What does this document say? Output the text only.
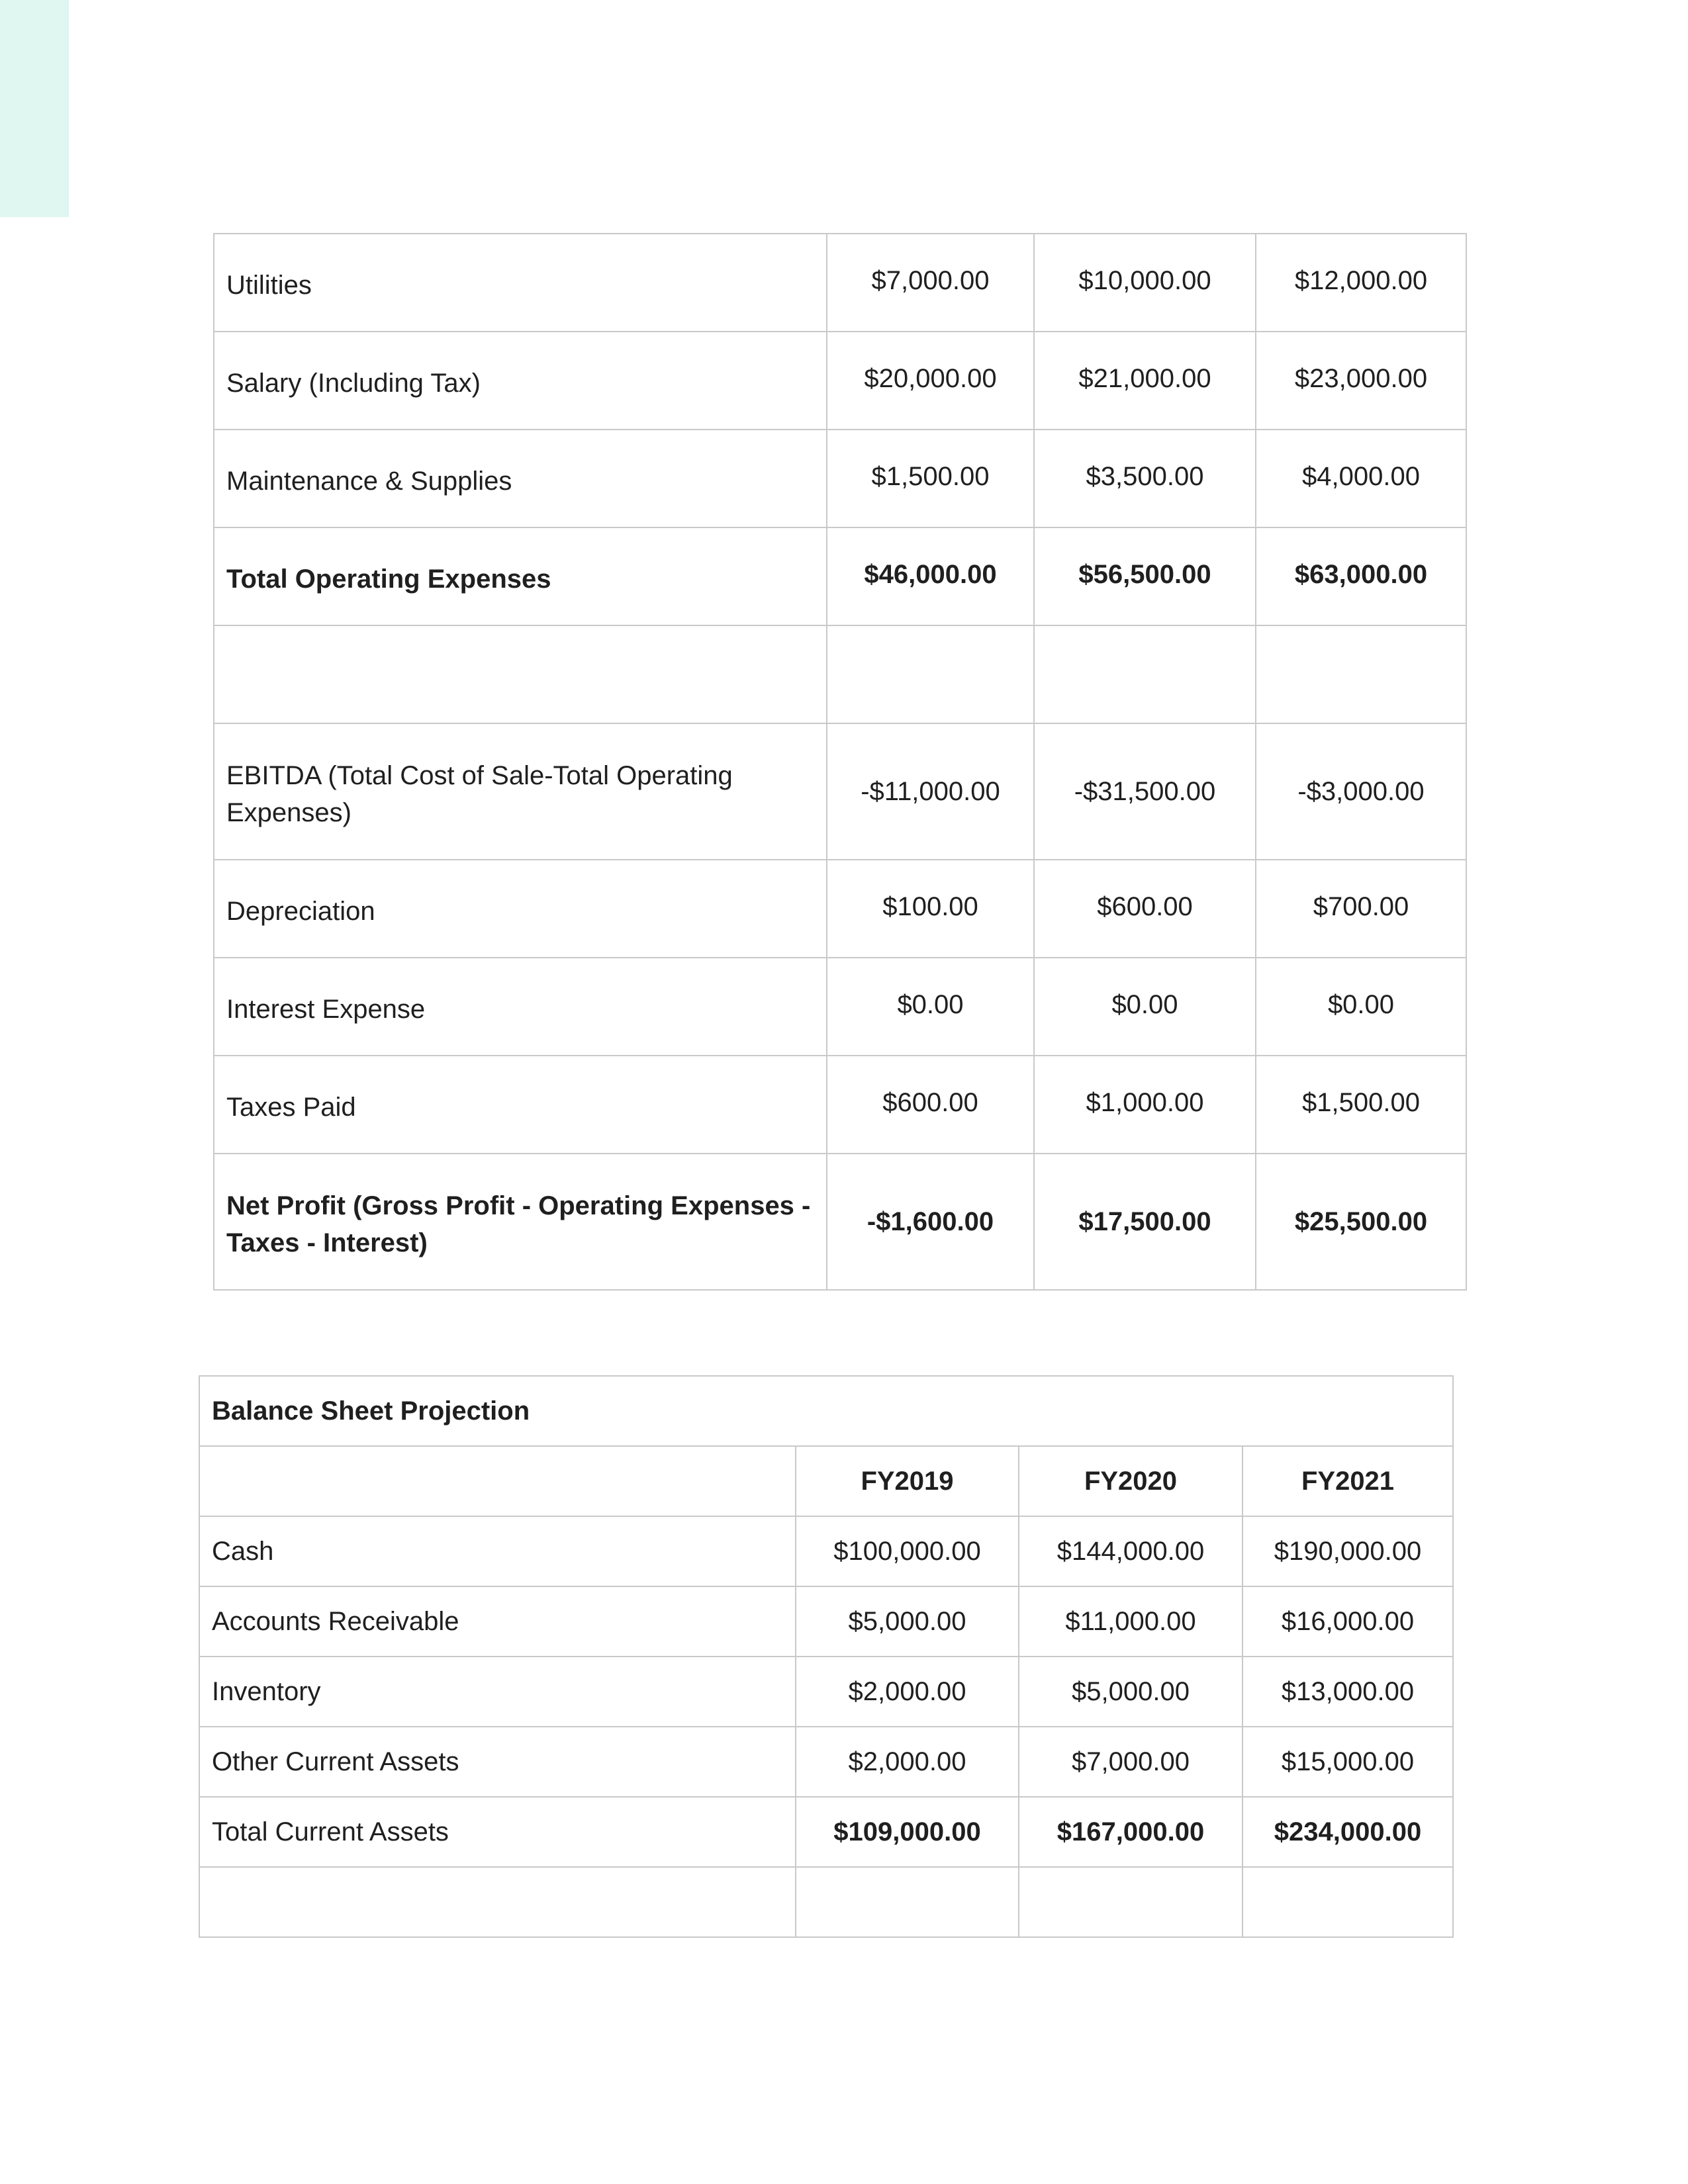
Utilities	$7,000.00	$10,000.00	$12,000.00
Salary (Including Tax)	$20,000.00	$21,000.00	$23,000.00
Maintenance & Supplies	$1,500.00	$3,500.00	$4,000.00
Total Operating Expenses	$46,000.00	$56,500.00	$63,000.00

EBITDA (Total Cost of Sale-Total Operating Expenses)	-$11,000.00	-$31,500.00	-$3,000.00
Depreciation	$100.00	$600.00	$700.00
Interest Expense	$0.00	$0.00	$0.00
Taxes Paid	$600.00	$1,000.00	$1,500.00
Net Profit (Gross Profit - Operating Expenses - Taxes - Interest)	-$1,600.00	$17,500.00	$25,500.00
Balance Sheet Projection			
	FY2019	FY2020	FY2021
Cash	$100,000.00	$144,000.00	$190,000.00
Accounts Receivable	$5,000.00	$11,000.00	$16,000.00
Inventory	$2,000.00	$5,000.00	$13,000.00
Other Current Assets	$2,000.00	$7,000.00	$15,000.00
Total Current Assets	$109,000.00	$167,000.00	$234,000.00
